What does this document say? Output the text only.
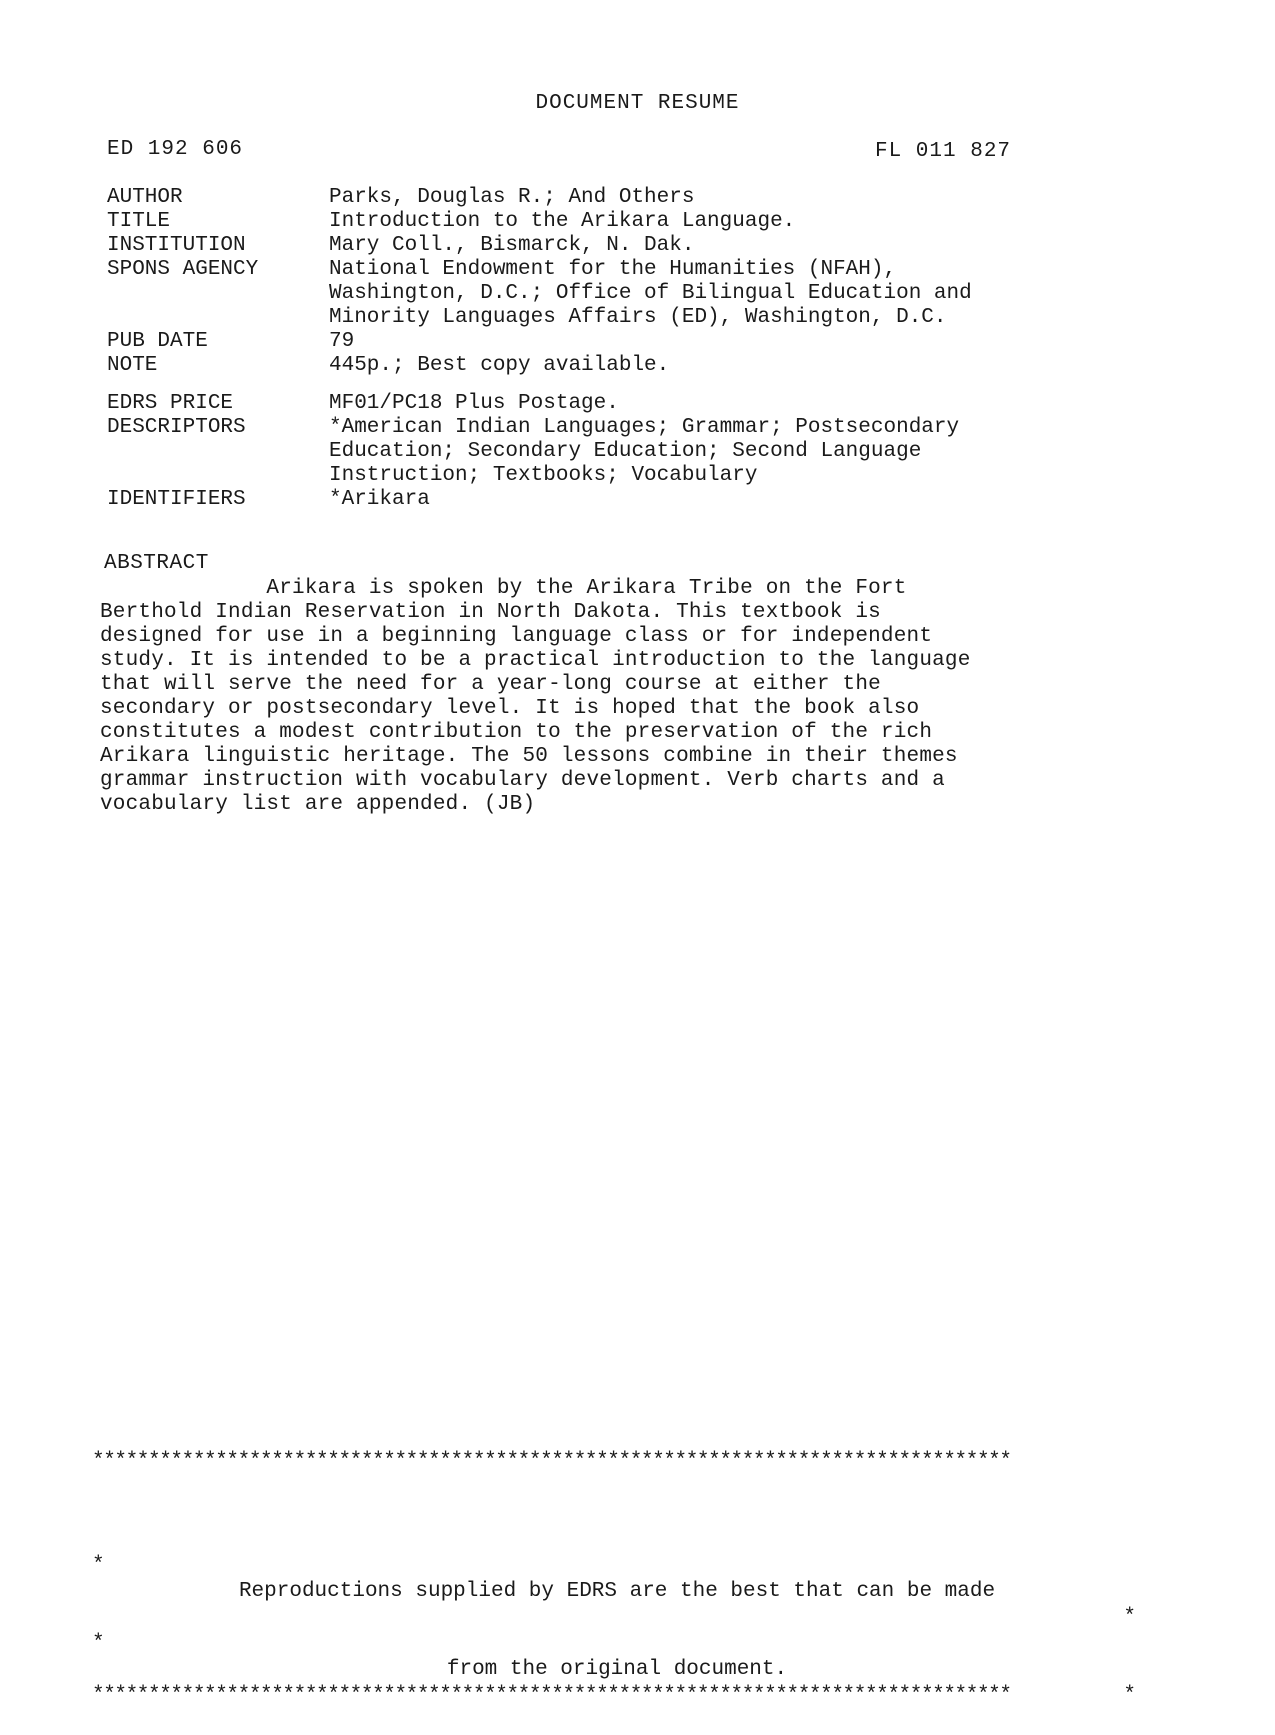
DOCUMENT RESUME
ED 192 606	FL 011 827
AUTHOR	Parks, Douglas R.; And Others
TITLE	Introduction to the Arikara Language.
INSTITUTION	Mary Coll., Bismarck, N. Dak.
SPONS AGENCY	National Endowment for the Humanities (NFAH),
Washington, D.C.; Office of Bilingual Education and
Minority Languages Affairs (ED), Washington, D.C.
PUB DATE	79
NOTE	445p.; Best copy available.
EDRS PRICE	MF01/PC18 Plus Postage.
DESCRIPTORS	*American Indian Languages; Grammar; Postsecondary
Education; Secondary Education; Second Language
Instruction; Textbooks; Vocabulary
IDENTIFIERS	*Arikara
ABSTRACT
Arikara is spoken by the Arikara Tribe on the Fort
Berthold Indian Reservation in North Dakota. This textbook is
designed for use in a beginning language class or for independent
study. It is intended to be a practical introduction to the language
that will serve the need for a year-long course at either the
secondary or postsecondary level. It is hoped that the book also
constitutes a modest contribution to the preservation of the rich
Arikara linguistic heritage. The 50 lessons combine in their themes
grammar instruction with vocabulary development. Verb charts and a
vocabulary list are appended. (JB)

**********************************************************************************

*

Reproductions supplied by EDRS are the best that can be made

*

*

from the original document.

*

**********************************************************************************
